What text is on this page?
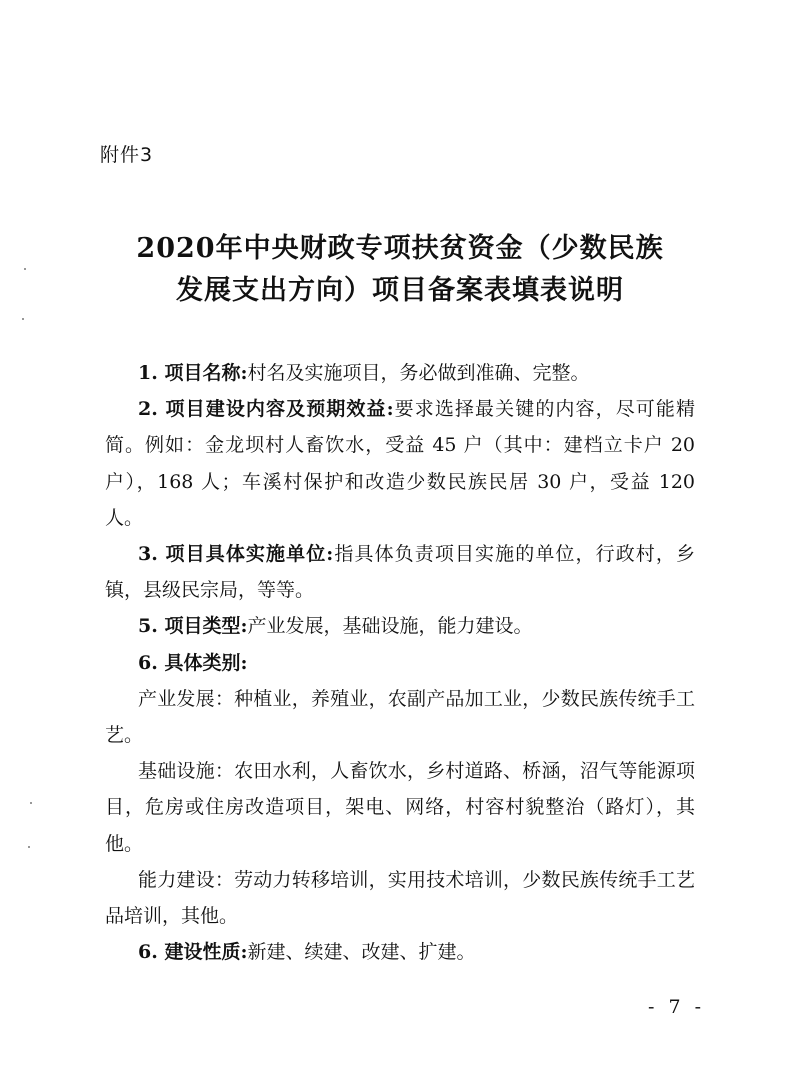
附件3
2020年中央财政专项扶贫资金（少数民族
发展支出方向）项目备案表填表说明

1. 项目名称:村名及实施项目，务必做到准确、完整。

2. 项目建设内容及预期效益:要求选择最关键的内容，尽可能精简。例如：金龙坝村人畜饮水，受益 45 户（其中：建档立卡户 20 户），168 人；车溪村保护和改造少数民族民居 30 户，受益 120 人。

3. 项目具体实施单位:指具体负责项目实施的单位，行政村，乡镇，县级民宗局，等等。

5. 项目类型:产业发展，基础设施，能力建设。

6. 具体类别:

产业发展：种植业，养殖业，农副产品加工业，少数民族传统手工艺。

基础设施：农田水利，人畜饮水，乡村道路、桥涵，沼气等能源项目，危房或住房改造项目，架电、网络，村容村貌整治（路灯），其他。

能力建设：劳动力转移培训，实用技术培训，少数民族传统手工艺品培训，其他。

6. 建设性质:新建、续建、改建、扩建。

- 7 -
